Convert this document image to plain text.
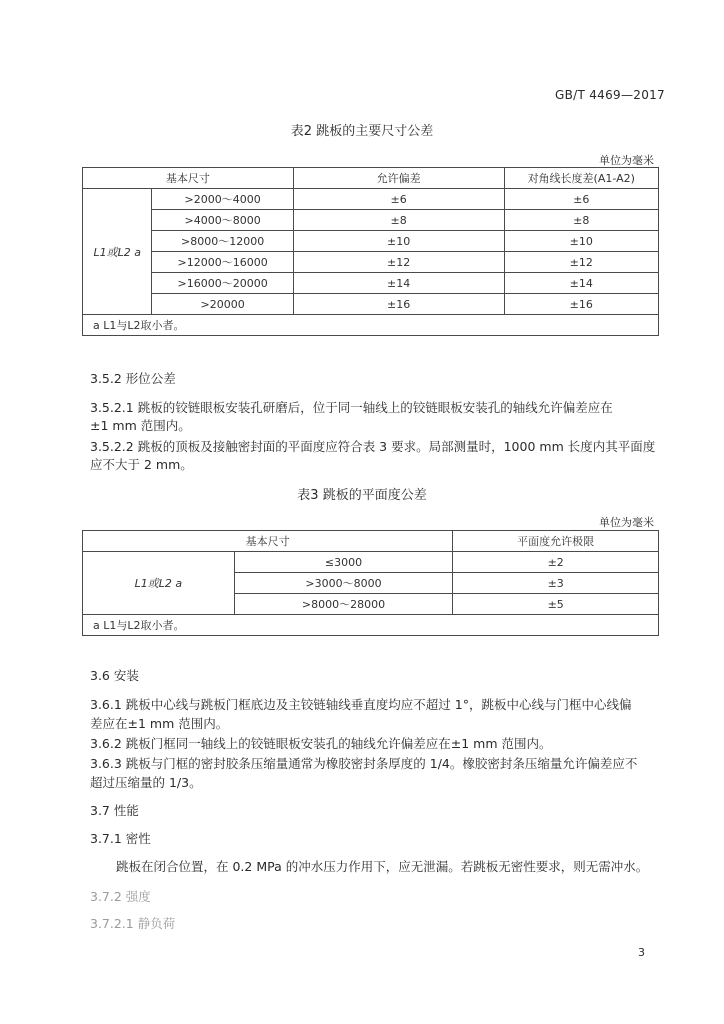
GB/T 4469—2017
表2 跳板的主要尺寸公差
单位为毫米
基本尺寸		允许偏差	对角线长度差(A1-A2)
L1或L2 a	>2000～4000	±6	±6
	>4000～8000	±8	±8
	>8000～12000	±10	±10
	>12000～16000	±12	±12
	>16000～20000	±14	±14
	>20000	±16	±16
a L1与L2取小者。			
3.5.2 形位公差
3.5.2.1 跳板的铰链眼板安装孔研磨后，位于同一轴线上的铰链眼板安装孔的轴线允许偏差应在
±1 mm 范围内。
3.5.2.2 跳板的顶板及接触密封面的平面度应符合表 3 要求。局部测量时，1000 mm 长度内其平面度
应不大于 2 mm。
表3 跳板的平面度公差
单位为毫米
基本尺寸		平面度允许极限
L1或L2 a	≤3000	±2
	>3000～8000	±3
	>8000～28000	±5
a L1与L2取小者。		
3.6 安装
3.6.1 跳板中心线与跳板门框底边及主铰链轴线垂直度均应不超过 1°，跳板中心线与门框中心线偏
差应在±1 mm 范围内。
3.6.2 跳板门框同一轴线上的铰链眼板安装孔的轴线允许偏差应在±1 mm 范围内。
3.6.3 跳板与门框的密封胶条压缩量通常为橡胶密封条厚度的 1/4。橡胶密封条压缩量允许偏差应不
超过压缩量的 1/3。
3.7 性能
3.7.1 密性
跳板在闭合位置，在 0.2 MPa 的冲水压力作用下，应无泄漏。若跳板无密性要求，则无需冲水。
3.7.2 强度
3.7.2.1 静负荷
3
